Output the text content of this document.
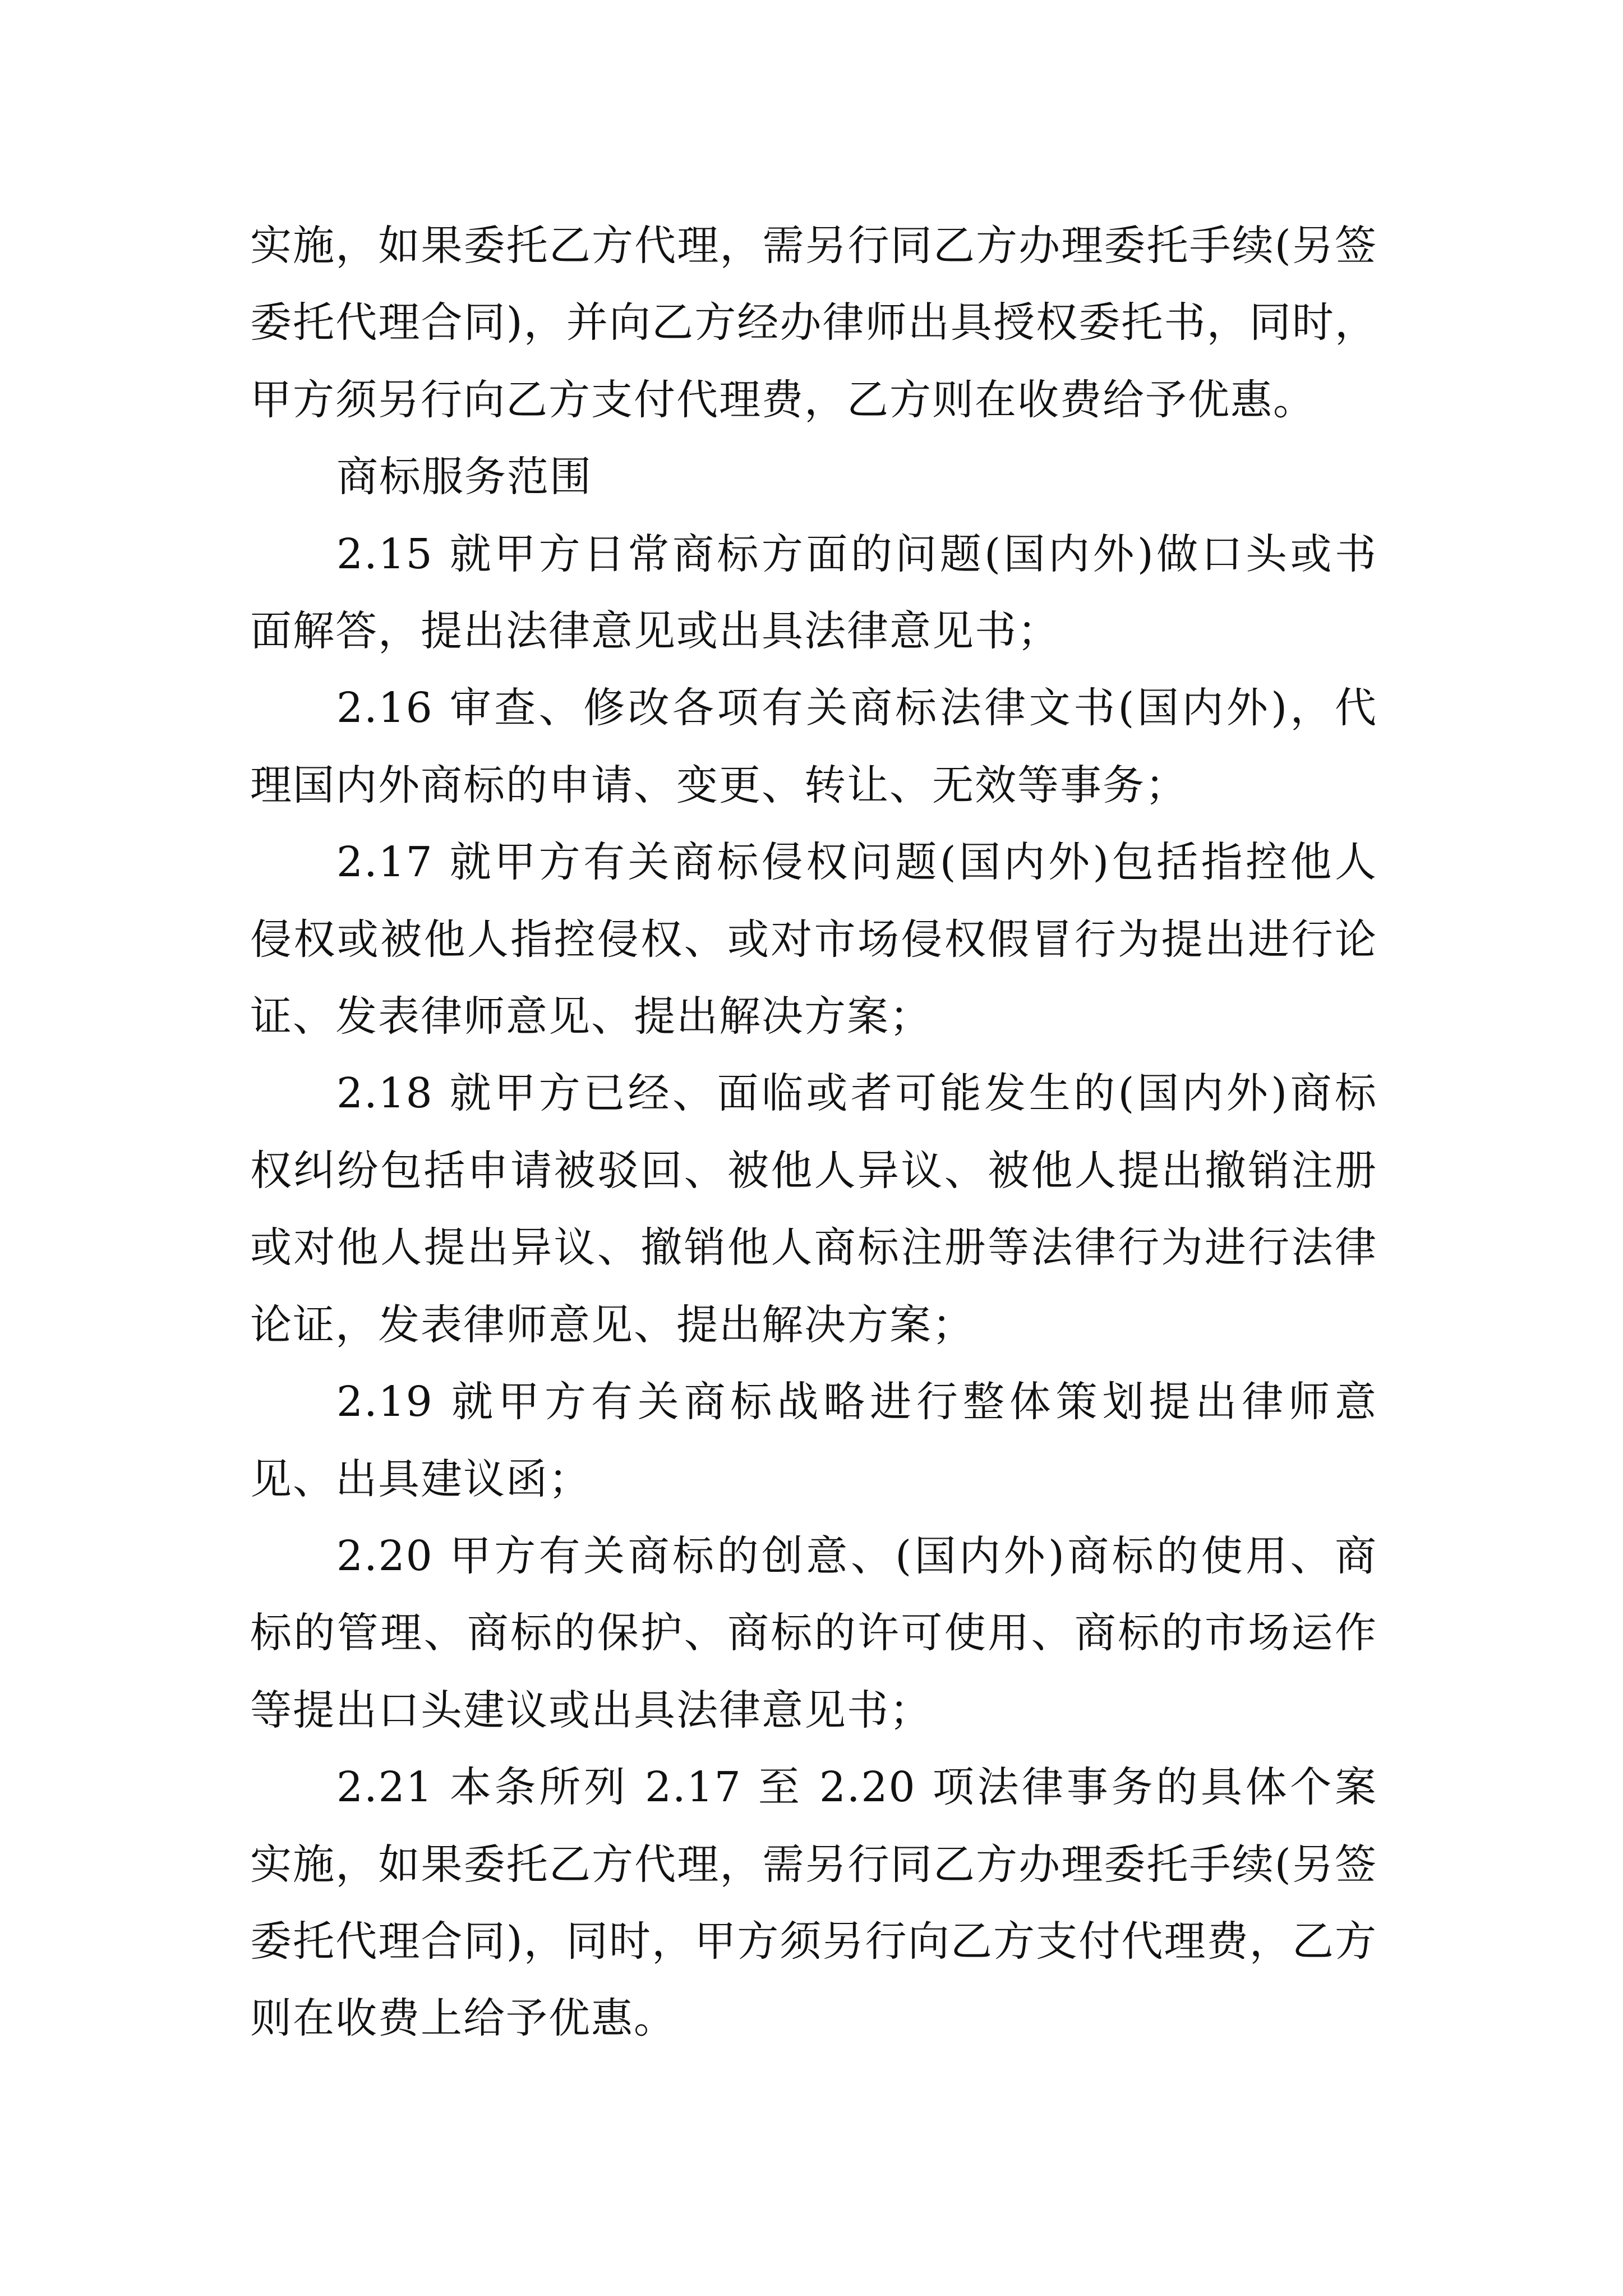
实施，如果委托乙方代理，需另行同乙方办理委托手续(另签委托代理合同)，并向乙方经办律师出具授权委托书，同时，甲方须另行向乙方支付代理费，乙方则在收费给予优惠。

商标服务范围

2.15 就甲方日常商标方面的问题(国内外)做口头或书面解答，提出法律意见或出具法律意见书；

2.16 审查、修改各项有关商标法律文书(国内外)，代理国内外商标的申请、变更、转让、无效等事务；

2.17 就甲方有关商标侵权问题(国内外)包括指控他人侵权或被他人指控侵权、或对市场侵权假冒行为提出进行论证、发表律师意见、提出解决方案；

2.18 就甲方已经、面临或者可能发生的(国内外)商标权纠纷包括申请被驳回、被他人异议、被他人提出撤销注册或对他人提出异议、撤销他人商标注册等法律行为进行法律论证，发表律师意见、提出解决方案；

2.19 就甲方有关商标战略进行整体策划提出律师意见、出具建议函；

2.20 甲方有关商标的创意、(国内外)商标的使用、商标的管理、商标的保护、商标的许可使用、商标的市场运作等提出口头建议或出具法律意见书；

2.21 本条所列 2.17 至 2.20 项法律事务的具体个案实施，如果委托乙方代理，需另行同乙方办理委托手续(另签委托代理合同)，同时，甲方须另行向乙方支付代理费，乙方则在收费上给予优惠。
